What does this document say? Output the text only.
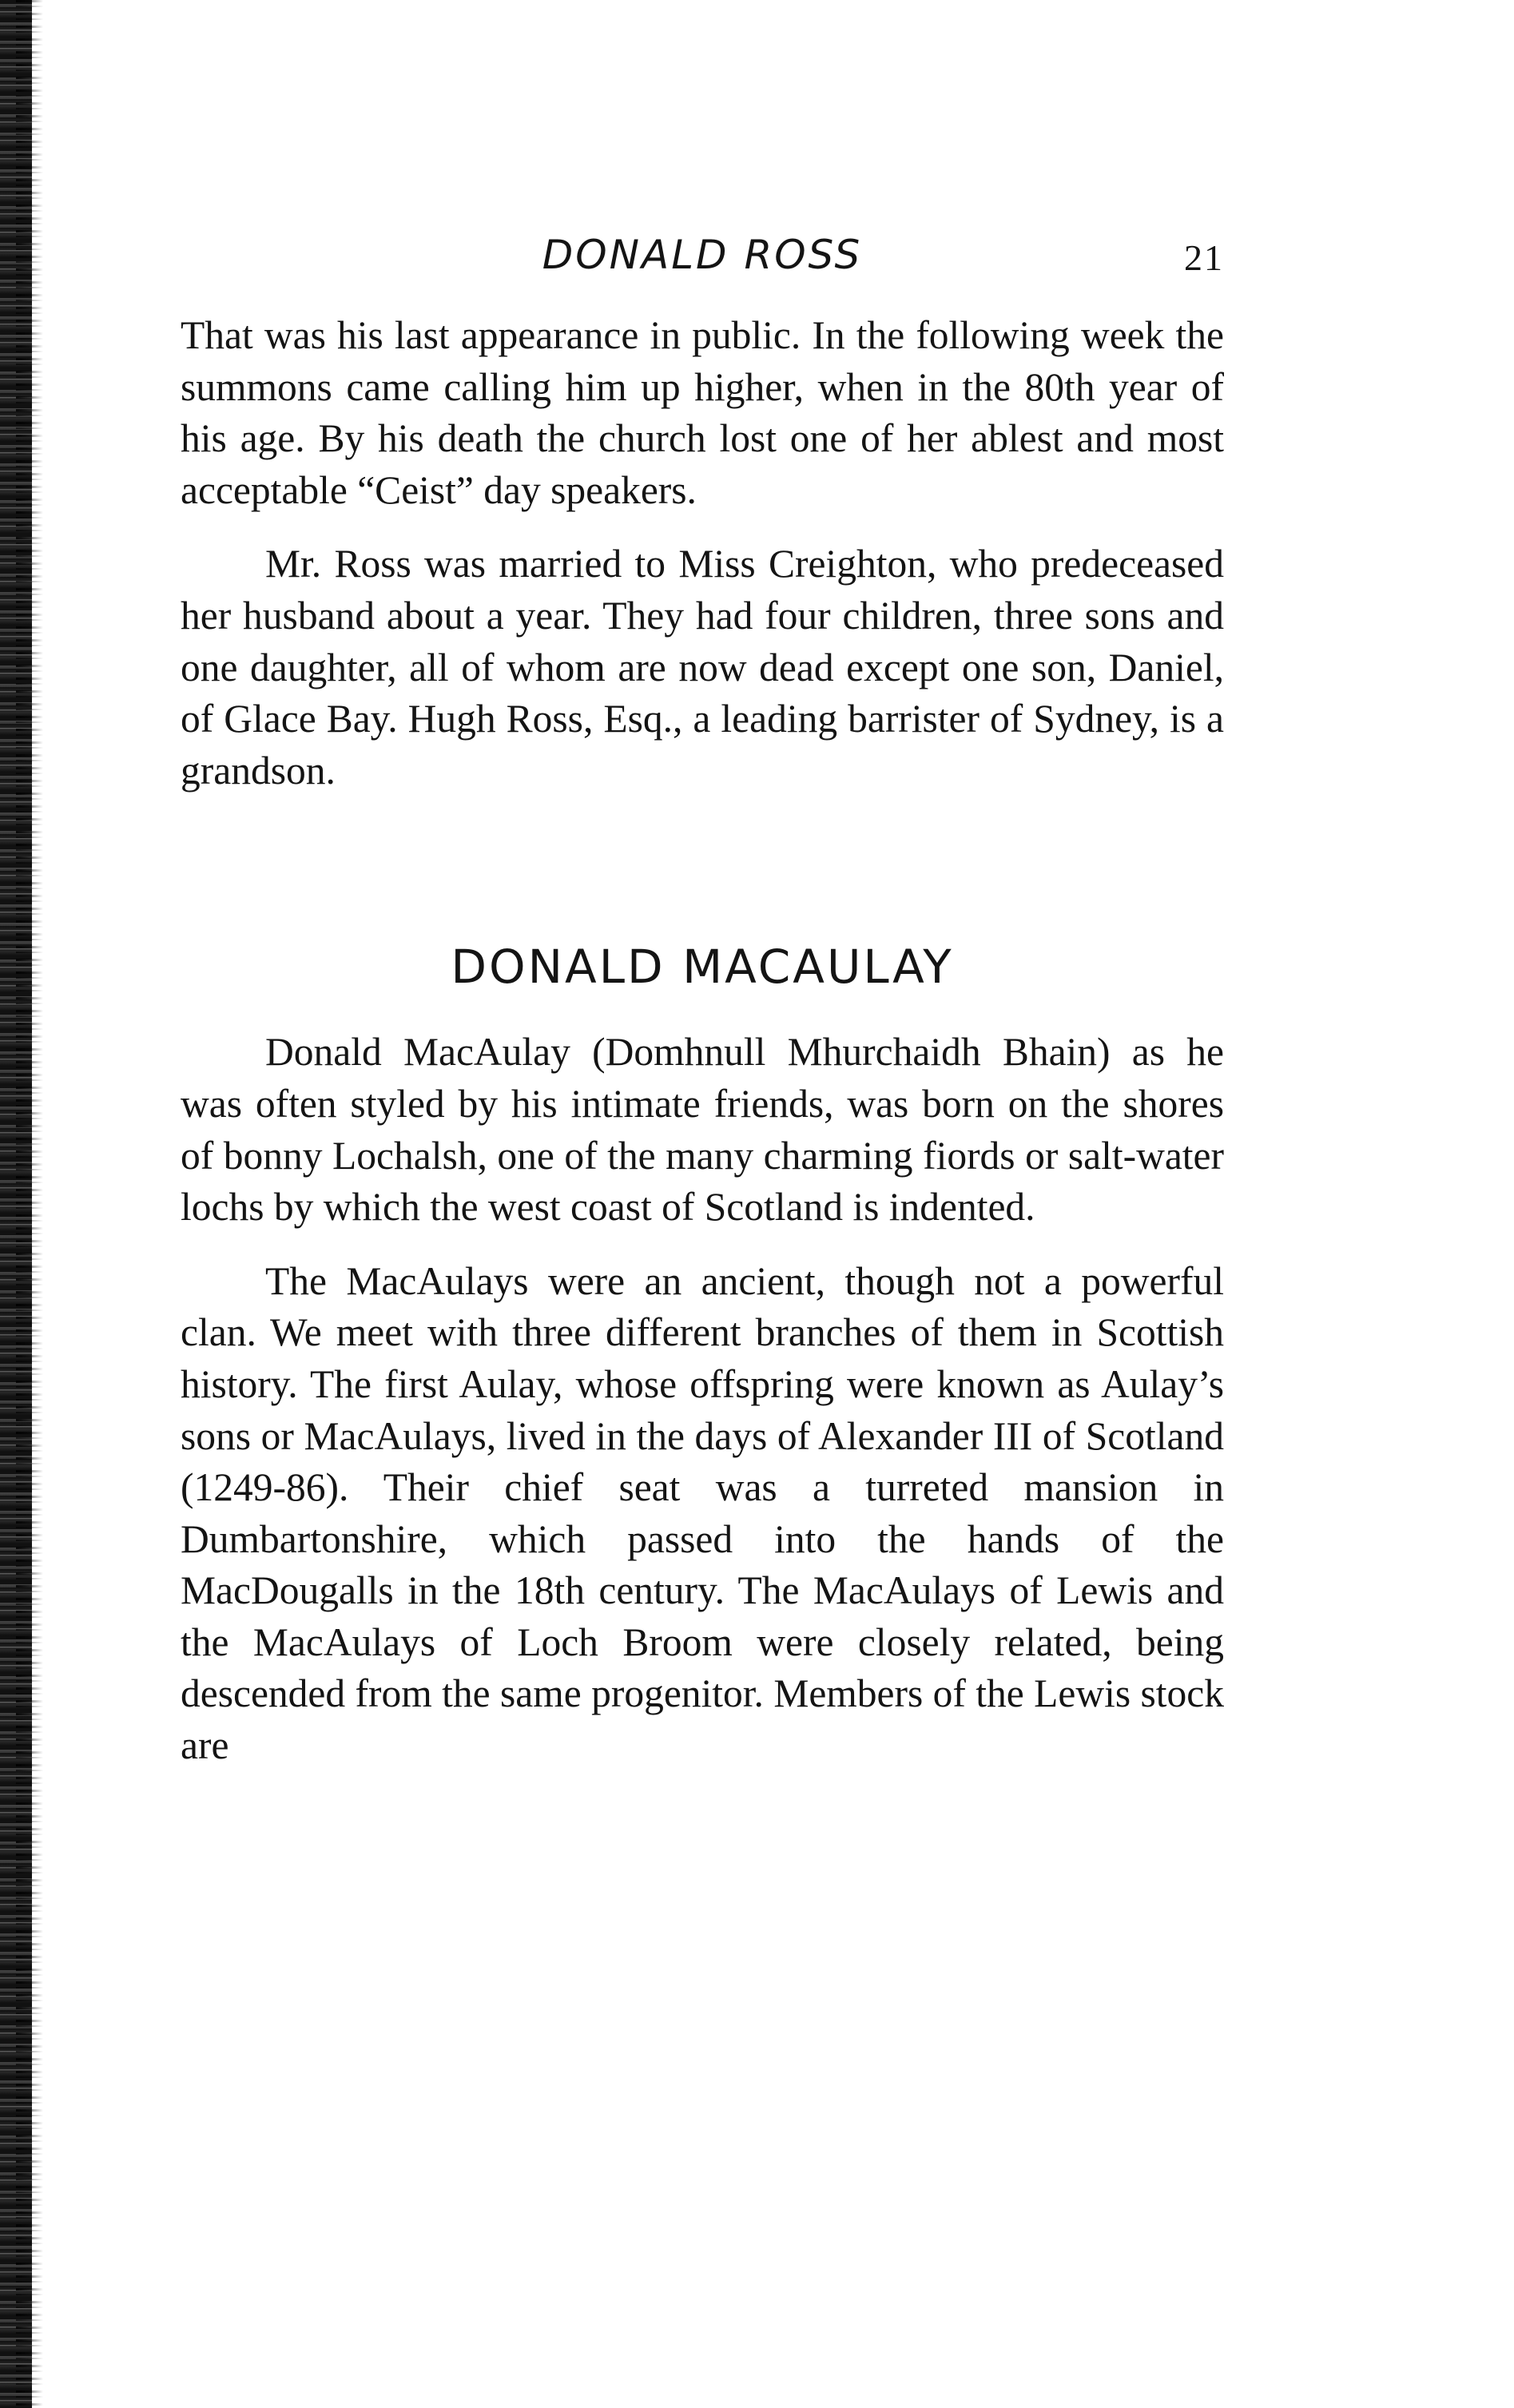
DONALD ROSS	21

That was his last appearance in public. In the following week the summons came calling him up higher, when in the 80th year of his age. By his death the church lost one of her ablest and most acceptable “Ceist” day speakers.

Mr. Ross was married to Miss Creighton, who predeceased her husband about a year. They had four children, three sons and one daughter, all of whom are now dead except one son, Daniel, of Glace Bay. Hugh Ross, Esq., a leading barrister of Sydney, is a grandson.

DONALD MACAULAY

Donald MacAulay (Domhnull Mhurchaidh Bhain) as he was often styled by his intimate friends, was born on the shores of bonny Lochalsh, one of the many charming fiords or salt-water lochs by which the west coast of Scotland is indented.

The MacAulays were an ancient, though not a powerful clan. We meet with three different branches of them in Scottish history. The first Aulay, whose offspring were known as Aulay’s sons or MacAulays, lived in the days of Alexander III of Scotland (1249-86). Their chief seat was a turreted mansion in Dumbartonshire, which passed into the hands of the MacDougalls in the 18th century. The MacAulays of Lewis and the MacAulays of Loch Broom were closely related, being descended from the same progenitor. Members of the Lewis stock are
